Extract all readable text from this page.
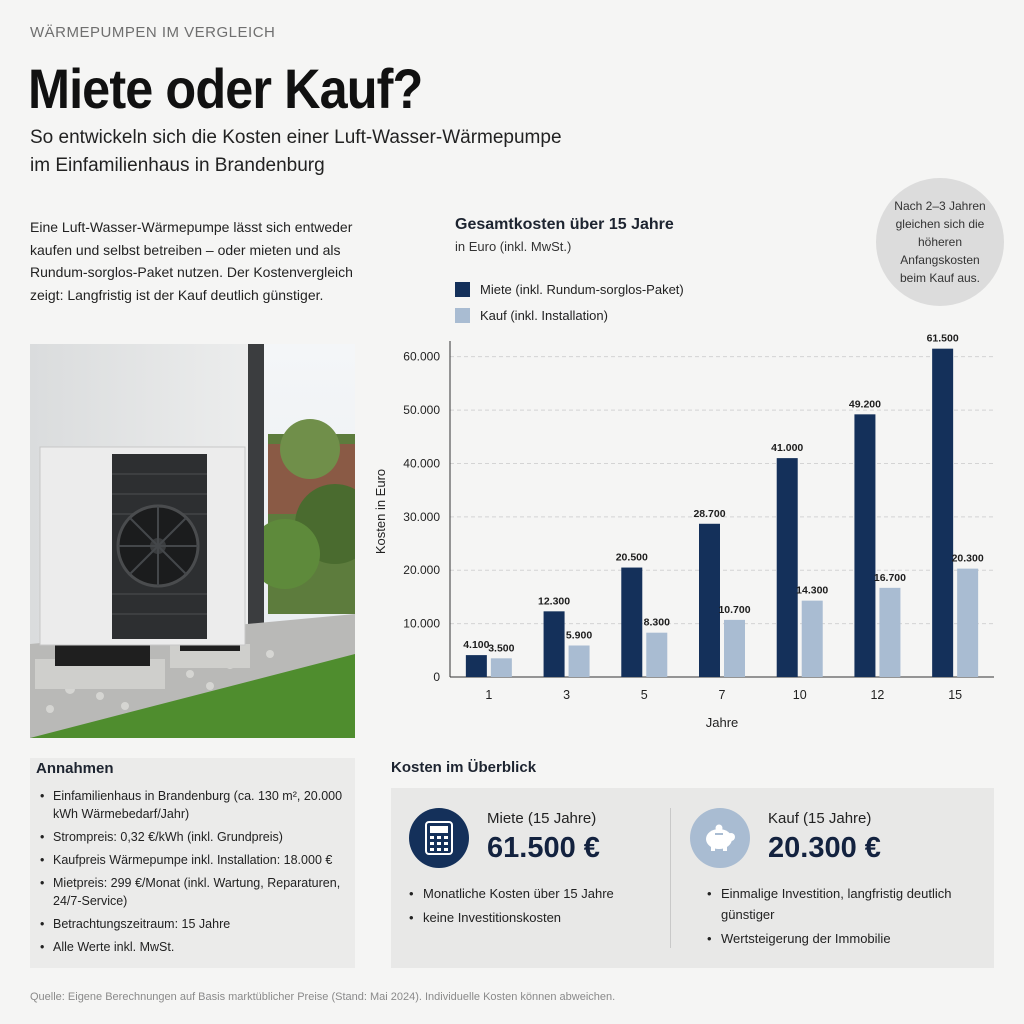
WÄRMEPUMPEN IM VERGLEICH
Miete oder Kauf?
So entwickeln sich die Kosten einer Luft-Wasser-Wärmepumpe
im Einfamilienhaus in Brandenburg

Eine Luft-Wasser-Wärmepumpe lässt sich entweder kaufen und selbst betreiben – oder mieten und als Rundum-sorglos-Paket nutzen. Der Kostenvergleich zeigt: Langfristig ist der Kauf deutlich günstiger.

Gesamtkosten über 15 Jahre
in Euro (inkl. MwSt.)
Miete (inkl. Rundum-sorglos-Paket)
Kauf (inkl. Installation)
Nach 2–3 Jahren gleichen sich die höheren Anfangskosten beim Kauf aus.
0
10.000
20.000
30.000
40.000
50.000
60.000
4.100
3.500
1
12.300
5.900
3
20.500
8.300
5
28.700
10.700
7
41.000
14.300
10
49.200
16.700
12
61.500
20.300
15
Jahre
Kosten in Euro
Annahmen
• Einfamilienhaus in Brandenburg (ca. 130 m², 20.000 kWh Wärmebedarf/Jahr)
• Strompreis: 0,32 €/kWh (inkl. Grundpreis)
• Kaufpreis Wärmepumpe inkl. Installation: 18.000 €
• Mietpreis: 299 €/Monat (inkl. Wartung, Reparaturen, 24/7-Service)
• Betrachtungszeitraum: 15 Jahre
• Alle Werte inkl. MwSt.
Kosten im Überblick
Miete (15 Jahre)
61.500 €
• Monatliche Kosten über 15 Jahre
• keine Investitionskosten
Kauf (15 Jahre)
20.300 €
• Einmalige Investition, langfristig deutlich günstiger
• Wertsteigerung der Immobilie
Quelle: Eigene Berechnungen auf Basis marktüblicher Preise (Stand: Mai 2024). Individuelle Kosten können abweichen.
